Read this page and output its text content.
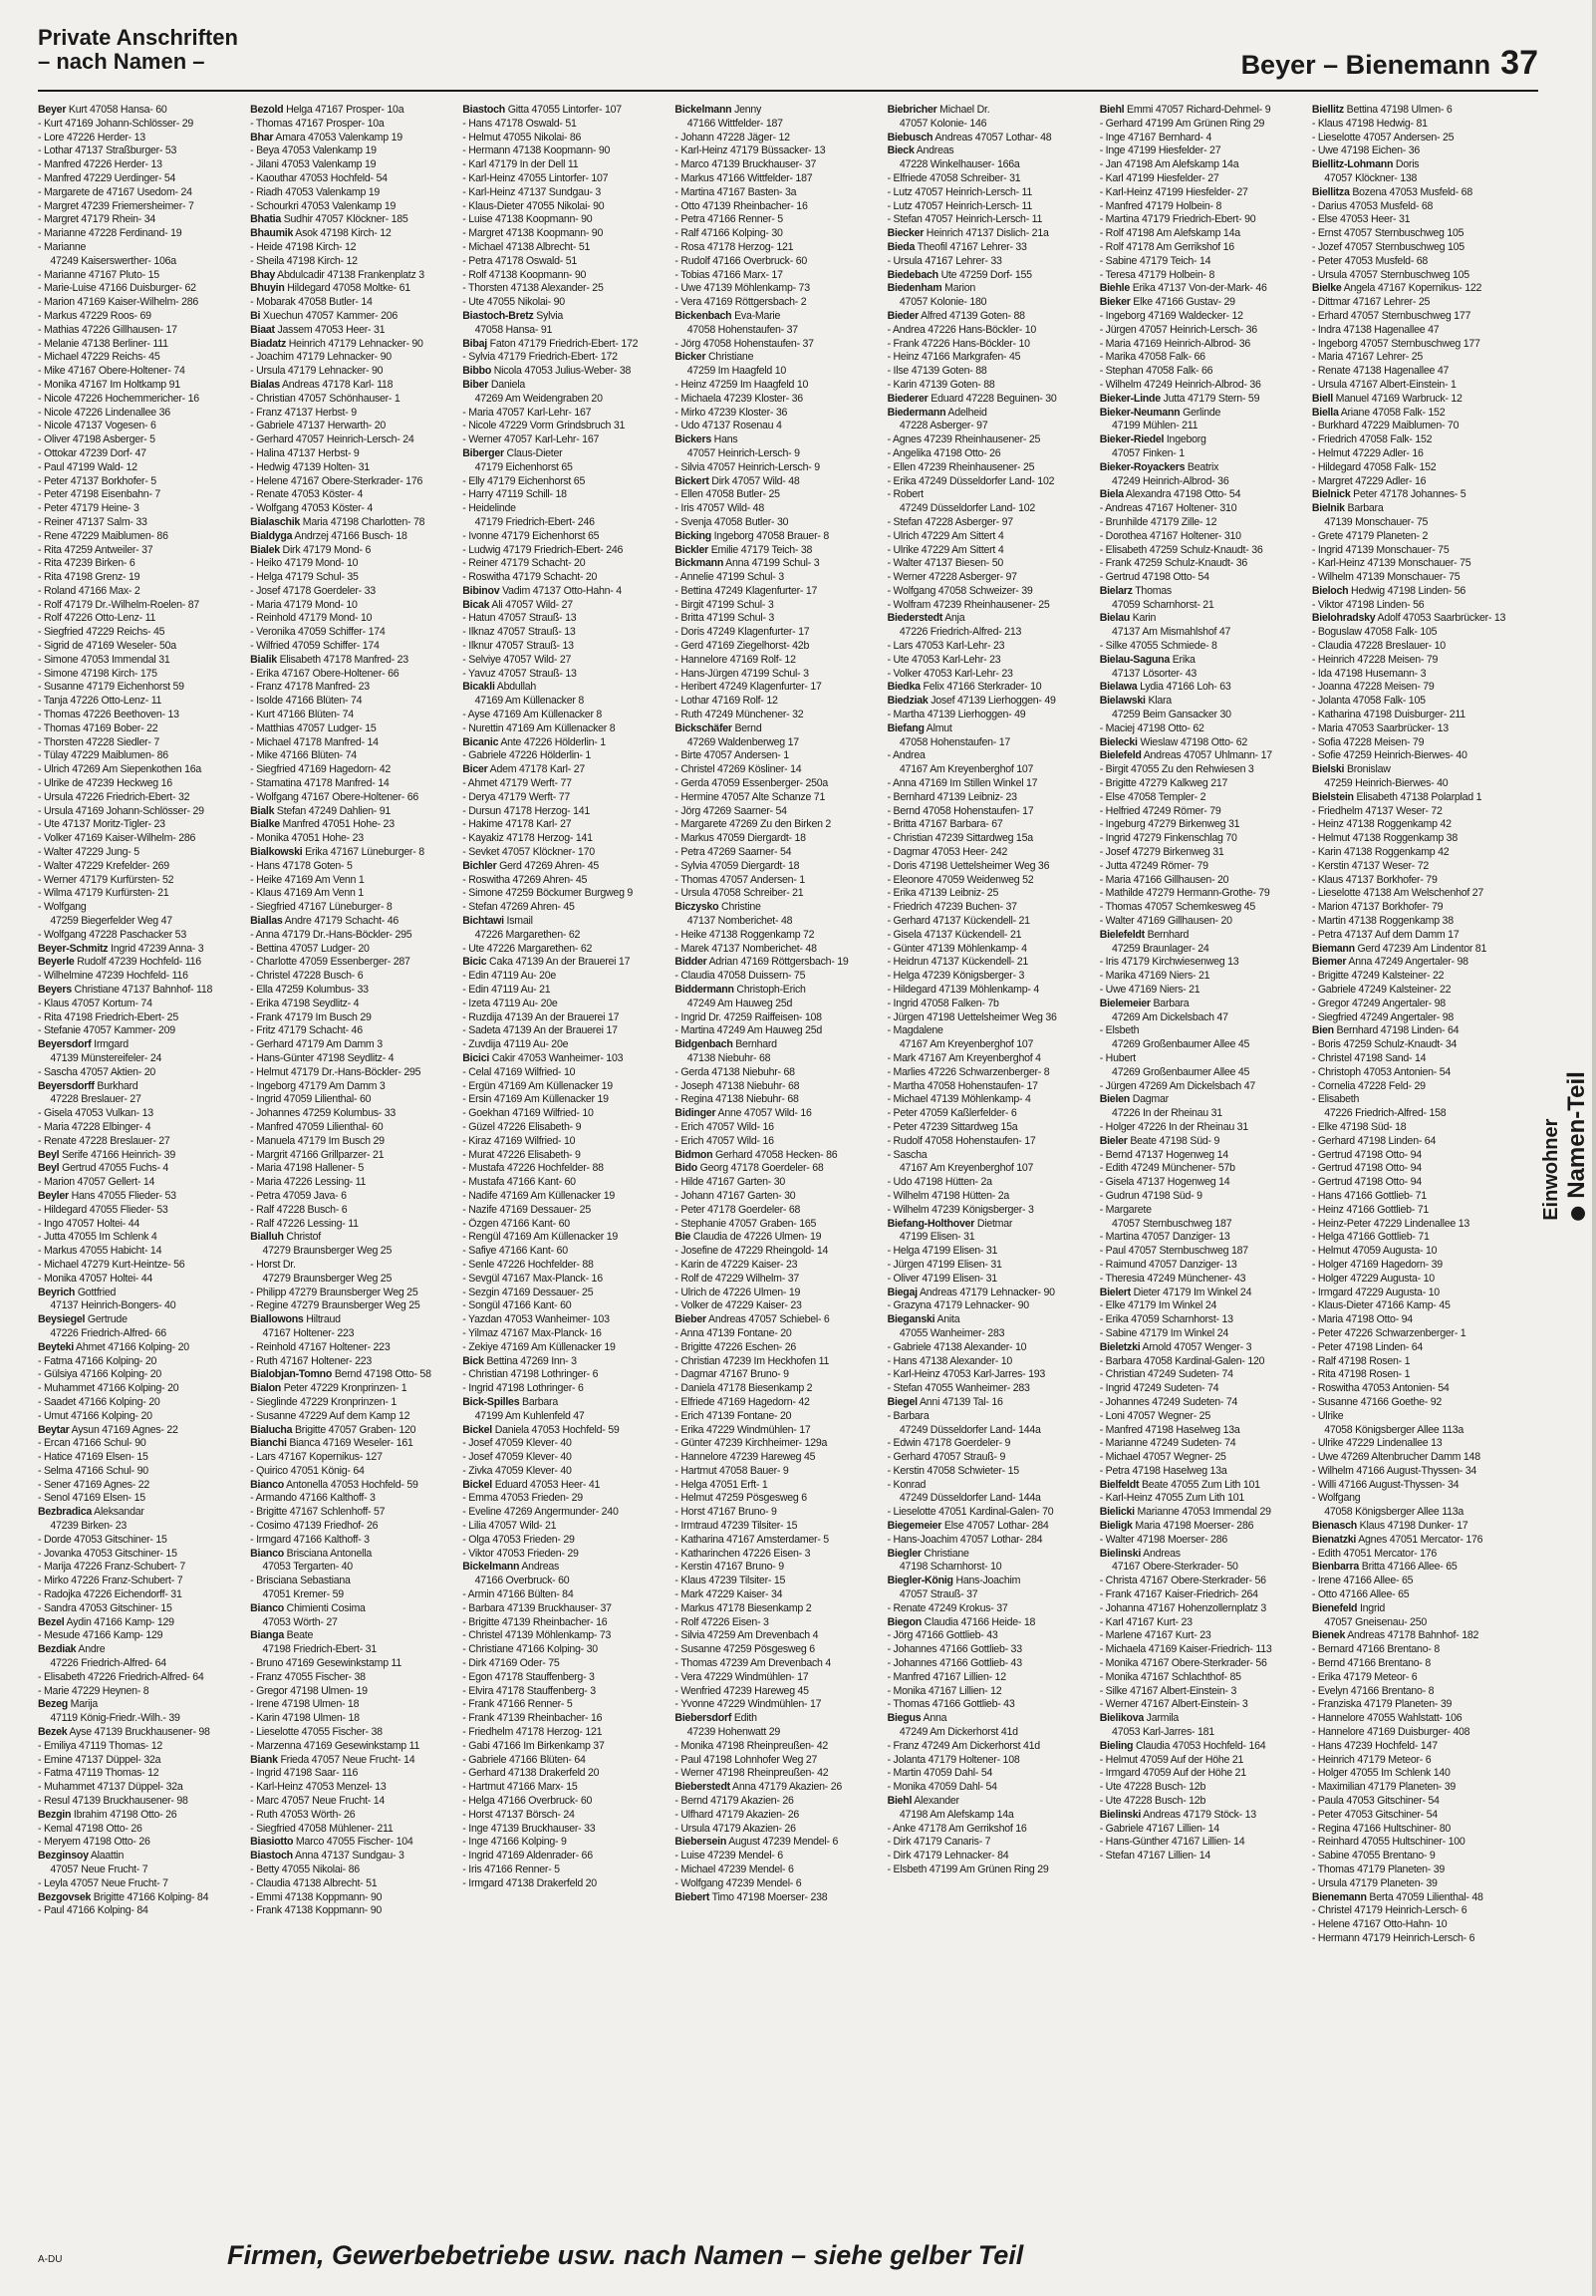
Private Anschriften
– nach Namen –	Beyer – Bienemann 37
Beyer Kurt 47058 Hansa- 60
- Kurt 47169 Johann-Schlösser- 29
- Lore 47226 Herder- 13
- Lothar 47137 Straßburger- 53
- Manfred 47226 Herder- 13
- Manfred 47229 Uerdinger- 54
- Margarete de 47167 Usedom- 24
- Margret 47239 Friemersheimer- 7
- Margret 47179 Rhein- 34
- Marianne 47228 Ferdinand- 19
- Marianne
 47249 Kaiserswerther- 106a
- Marianne 47167 Pluto- 15
- Marie-Luise 47166 Duisburger- 62
- Marion 47169 Kaiser-Wilhelm- 286
- Markus 47229 Roos- 69
- Mathias 47226 Gillhausen- 17
- Melanie 47138 Berliner- 111
- Michael 47229 Reichs- 45
- Mike 47167 Obere-Holtener- 74
- Monika 47167 Im Holtkamp 91
- Nicole 47226 Hochemmericher- 16
- Nicole 47226 Lindenallee 36
- Nicole 47137 Vogesen- 6
- Oliver 47198 Asberger- 5
- Ottokar 47239 Dorf- 47
- Paul 47199 Wald- 12
- Peter 47137 Borkhofer- 5
- Peter 47198 Eisenbahn- 7
- Peter 47179 Heine- 3
- Reiner 47137 Salm- 33
- Rene 47229 Maiblumen- 86
- Rita 47259 Antweiler- 37
- Rita 47239 Birken- 6
- Rita 47198 Grenz- 19
- Roland 47166 Max- 2
- Rolf 47179 Dr.-Wilhelm-Roelen- 87
- Rolf 47226 Otto-Lenz- 11
- Siegfried 47229 Reichs- 45
- Sigrid de 47169 Weseler- 50a
- Simone 47053 Immendal 31
- Simone 47198 Kirch- 175
- Susanne 47179 Eichenhorst 59
- Tanja 47226 Otto-Lenz- 11
- Thomas 47226 Beethoven- 13
- Thomas 47169 Bober- 22
- Thorsten 47228 Siedler- 7
- Tülay 47229 Maiblumen- 86
- Ulrich 47269 Am Siepenkothen 16a
- Ulrike de 47239 Heckweg 16
- Ursula 47226 Friedrich-Ebert- 32
- Ursula 47169 Johann-Schlösser- 29
- Ute 47137 Moritz-Tigler- 23
- Volker 47169 Kaiser-Wilhelm- 286
- Walter 47229 Jung- 5
- Walter 47229 Krefelder- 269
- Werner 47179 Kurfürsten- 52
- Wilma 47179 Kurfürsten- 21
- Wolfgang
 47259 Biegerfelder Weg 47
- Wolfgang 47228 Paschacker 53
Beyer-Schmitz Ingrid 47239 Anna- 3
Beyerle Rudolf 47239 Hochfeld- 116
- Wilhelmine 47239 Hochfeld- 116
Beyers Christiane 47137 Bahnhof- 118
- Klaus 47057 Kortum- 74
- Rita 47198 Friedrich-Ebert- 25
- Stefanie 47057 Kammer- 209
Beyersdorf Irmgard
 47139 Münstereifeler- 24
- Sascha 47057 Aktien- 20
Beyersdorff Burkhard
 47228 Breslauer- 27
- Gisela 47053 Vulkan- 13
- Maria 47228 Elbinger- 4
- Renate 47228 Breslauer- 27
Beyl Serife 47166 Heinrich- 39
Beyl Gertrud 47055 Fuchs- 4
- Marion 47057 Gellert- 14
Beyler Hans 47055 Flieder- 53
- Hildegard 47055 Flieder- 53
- Ingo 47057 Holtei- 44
- Jutta 47055 Im Schlenk 4
- Markus 47055 Habicht- 14
- Michael 47279 Kurt-Heintze- 56
- Monika 47057 Holtei- 44
Beyrich Gottfried
 47137 Heinrich-Bongers- 40
Beysiegel Gertrude
 47226 Friedrich-Alfred- 66
Beyteki Ahmet 47166 Kolping- 20
- Fatma 47166 Kolping- 20
- Gülsiya 47166 Kolping- 20
- Muhammet 47166 Kolping- 20
- Saadet 47166 Kolping- 20
- Umut 47166 Kolping- 20
Beytar Aysun 47169 Agnes- 22
- Ercan 47166 Schul- 90
- Hatice 47169 Elsen- 15
- Selma 47166 Schul- 90
- Sener 47169 Agnes- 22
- Senol 47169 Elsen- 15
Bezbradica Aleksandar
 47239 Birken- 23
- Dorde 47053 Gitschiner- 15
- Jovanka 47053 Gitschiner- 15
- Marija 47226 Franz-Schubert- 7
- Mirko 47226 Franz-Schubert- 7
- Radojka 47226 Eichendorff- 31
- Sandra 47053 Gitschiner- 15
Bezel Aydin 47166 Kamp- 129
- Mesude 47166 Kamp- 129
Bezdiak Andre
 47226 Friedrich-Alfred- 64
- Elisabeth 47226 Friedrich-Alfred- 64
- Marie 47229 Heynen- 8
Bezeg Marija
 47119 König-Friedr.-Wilh.- 39
Bezek Ayse 47139 Bruckhausener- 98
- Emiliya 47119 Thomas- 12
- Emine 47137 Düppel- 32a
- Fatma 47119 Thomas- 12
- Muhammet 47137 Düppel- 32a
- Resul 47139 Bruckhausener- 98
Bezgin Ibrahim 47198 Otto- 26
- Kemal 47198 Otto- 26
- Meryem 47198 Otto- 26
Bezginsoy Alaattin
 47057 Neue Frucht- 7
- Leyla 47057 Neue Frucht- 7
Bezgovsek Brigitte 47166 Kolping- 84
- Paul 47166 Kolping- 84
Bezold Helga 47167 Prosper- 10a
- Thomas 47167 Prosper- 10a
Bhar Amara 47053 Valenkamp 19
- Beya 47053 Valenkamp 19
- Jilani 47053 Valenkamp 19
- Kaouthar 47053 Hochfeld- 54
- Riadh 47053 Valenkamp 19
- Schourkri 47053 Valenkamp 19
Bhatia Sudhir 47057 Klöckner- 185
Bhaumik Asok 47198 Kirch- 12
- Heide 47198 Kirch- 12
- Sheila 47198 Kirch- 12
Bhay Abdulcadir 47138 Frankenplatz 3
Bhuyin Hildegard 47058 Moltke- 61
- Mobarak 47058 Butler- 14
Bi Xuechun 47057 Kammer- 206
Biaat Jassem 47053 Heer- 31
Biadatz Heinrich 47179 Lehnacker- 90
- Joachim 47179 Lehnacker- 90
- Ursula 47179 Lehnacker- 90
Bialas Andreas 47178 Karl- 118
- Christian 47057 Schönhauser- 1
- Franz 47137 Herbst- 9
- Gabriele 47137 Herwarth- 20
- Gerhard 47057 Heinrich-Lersch- 24
- Halina 47137 Herbst- 9
- Hedwig 47139 Holten- 31
- Helene 47167 Obere-Sterkrader- 176
- Renate 47053 Köster- 4
- Wolfgang 47053 Köster- 4
Bialaschik Maria 47198 Charlotten- 78
Bialdyga Andrzej 47166 Busch- 18
Bialek Dirk 47179 Mond- 6
- Heiko 47179 Mond- 10
- Helga 47179 Schul- 35
- Josef 47178 Goerdeler- 33
- Maria 47179 Mond- 10
- Reinhold 47179 Mond- 10
- Veronika 47059 Schiffer- 174
- Wilfried 47059 Schiffer- 174
Bialik Elisabeth 47178 Manfred- 23
- Erika 47167 Obere-Holtener- 66
- Franz 47178 Manfred- 23
- Isolde 47166 Blüten- 74
- Kurt 47166 Blüten- 74
- Matthias 47057 Ludger- 15
- Michael 47178 Manfred- 14
- Mike 47166 Blüten- 74
- Siegfried 47169 Hagedorn- 42
- Stamatina 47178 Manfred- 14
- Wolfgang 47167 Obere-Holtener- 66
Bialk Stefan 47249 Dahlien- 91
Bialke Manfred 47051 Hohe- 23
- Monika 47051 Hohe- 23
Bialkowski Erika 47167 Lüneburger- 8
- Hans 47178 Goten- 5
- Heike 47169 Am Venn 1
- Klaus 47169 Am Venn 1
- Siegfried 47167 Lüneburger- 8
Biallas Andre 47179 Schacht- 46
- Anna 47179 Dr.-Hans-Böckler- 295
- Bettina 47057 Ludger- 20
- Charlotte 47059 Essenberger- 287
- Christel 47228 Busch- 6
- Ella 47259 Kolumbus- 33
- Erika 47198 Seydlitz- 4
- Frank 47179 Im Busch 29
- Fritz 47179 Schacht- 46
- Gerhard 47179 Am Damm 3
- Hans-Günter 47198 Seydlitz- 4
- Helmut 47179 Dr.-Hans-Böckler- 295
- Ingeborg 47179 Am Damm 3
- Ingrid 47059 Lilienthal- 60
- Johannes 47259 Kolumbus- 33
- Manfred 47059 Lilienthal- 60
- Manuela 47179 Im Busch 29
- Margrit 47166 Grillparzer- 21
- Maria 47198 Hallener- 5
- Maria 47226 Lessing- 11
- Petra 47059 Java- 6
- Ralf 47228 Busch- 6
- Ralf 47226 Lessing- 11
Bialluh Christof
 47279 Braunsberger Weg 25
- Horst Dr.
 47279 Braunsberger Weg 25
- Philipp 47279 Braunsberger Weg 25
- Regine 47279 Braunsberger Weg 25
Biallowons Hiltraud
 47167 Holtener- 223
- Reinhold 47167 Holtener- 223
- Ruth 47167 Holtener- 223
Bialobjan-Tomno Bernd 47198 Otto- 58
Bialon Peter 47229 Kronprinzen- 1
- Sieglinde 47229 Kronprinzen- 1
- Susanne 47229 Auf dem Kamp 12
Bialucha Brigitte 47057 Graben- 120
Bianchi Bianca 47169 Weseler- 161
- Lars 47167 Kopernikus- 127
- Quirico 47051 König- 64
Bianco Antonella 47053 Hochfeld- 59
- Armando 47166 Kalthoff- 3
- Brigitte 47167 Schlenhoff- 57
- Cosimo 47139 Friedhof- 26
- Irmgard 47166 Kalthoff- 3
Bianco Brisciana Antonella
 47053 Tergarten- 40
- Brisciana Sebastiana
 47051 Kremer- 59
Bianco Chimienti Cosima
 47053 Wörth- 27
Bianga Beate
 47198 Friedrich-Ebert- 31
- Bruno 47169 Gesewinkstamp 11
- Franz 47055 Fischer- 38
- Gregor 47198 Ulmen- 19
- Irene 47198 Ulmen- 18
- Karin 47198 Ulmen- 18
- Lieselotte 47055 Fischer- 38
- Marzenna 47169 Gesewinkstamp 11
Biank Frieda 47057 Neue Frucht- 14
- Ingrid 47198 Saar- 116
- Karl-Heinz 47053 Menzel- 13
- Marc 47057 Neue Frucht- 14
- Ruth 47053 Wörth- 26
- Siegfried 47058 Mühlener- 211
Biasiotto Marco 47055 Fischer- 104
Biastoch Anna 47137 Sundgau- 3
- Betty 47055 Nikolai- 86
- Claudia 47138 Albrecht- 51
- Emmi 47138 Koppmann- 90
- Frank 47138 Koppmann- 90
Biastoch Gitta 47055 Lintorfer- 107
- Hans 47178 Oswald- 51
- Helmut 47055 Nikolai- 86
- Hermann 47138 Koopmann- 90
- Karl 47179 In der Dell 11
- Karl-Heinz 47055 Lintorfer- 107
- Karl-Heinz 47137 Sundgau- 3
- Klaus-Dieter 47055 Nikolai- 90
- Luise 47138 Koopmann- 90
- Margret 47138 Koopmann- 90
- Michael 47138 Albrecht- 51
- Petra 47178 Oswald- 51
- Rolf 47138 Koopmann- 90
- Thorsten 47138 Alexander- 25
- Ute 47055 Nikolai- 90
Biastoch-Bretz Sylvia
 47058 Hansa- 91
Bibaj Faton 47179 Friedrich-Ebert- 172
- Sylvia 47179 Friedrich-Ebert- 172
Bibbo Nicola 47053 Julius-Weber- 38
Biber Daniela
 47269 Am Weidengraben 20
- Maria 47057 Karl-Lehr- 167
- Nicole 47229 Vorm Grindsbruch 31
- Werner 47057 Karl-Lehr- 167
Biberger Claus-Dieter
 47179 Eichenhorst 65
- Elly 47179 Eichenhorst 65
- Harry 47119 Schill- 18
- Heidelinde
 47179 Friedrich-Ebert- 246
- Ivonne 47179 Eichenhorst 65
- Ludwig 47179 Friedrich-Ebert- 246
- Reiner 47179 Schacht- 20
- Roswitha 47179 Schacht- 20
Bibinov Vadim 47137 Otto-Hahn- 4
Bicak Ali 47057 Wild- 27
- Hatun 47057 Strauß- 13
- Ilknaz 47057 Strauß- 13
- Ilknur 47057 Strauß- 13
- Selviye 47057 Wild- 27
- Yavuz 47057 Strauß- 13
Bicakli Abdullah
 47169 Am Küllenacker 8
- Ayse 47169 Am Küllenacker 8
- Nurettin 47169 Am Küllenacker 8
Bicanic Ante 47226 Hölderlin- 1
- Gabriele 47226 Hölderlin- 1
Bicer Adem 47178 Karl- 27
- Ahmet 47179 Werft- 77
- Derya 47179 Werft- 77
- Dursun 47178 Herzog- 141
- Hakime 47178 Karl- 27
- Kayakiz 47178 Herzog- 141
- Sevket 47057 Klöckner- 170
Bichler Gerd 47269 Ahren- 45
- Roswitha 47269 Ahren- 45
- Simone 47259 Böckumer Burgweg 9
- Stefan 47269 Ahren- 45
Bichtawi Ismail
 47226 Margarethen- 62
- Ute 47226 Margarethen- 62
Bicic Caka 47139 An der Brauerei 17
- Edin 47119 Au- 20e
- Edin 47119 Au- 21
- Izeta 47119 Au- 20e
- Ruzdija 47139 An der Brauerei 17
- Sadeta 47139 An der Brauerei 17
- Zuvdija 47119 Au- 20e
Bicici Cakir 47053 Wanheimer- 103
- Celal 47169 Wilfried- 10
- Ergün 47169 Am Küllenacker 19
- Ersin 47169 Am Küllenacker 19
- Goekhan 47169 Wilfried- 10
- Güzel 47226 Elisabeth- 9
- Kiraz 47169 Wilfried- 10
- Murat 47226 Elisabeth- 9
- Mustafa 47226 Hochfelder- 88
- Mustafa 47166 Kant- 60
- Nadife 47169 Am Küllenacker 19
- Nazife 47169 Dessauer- 25
- Özgen 47166 Kant- 60
- Rengül 47169 Am Küllenacker 19
- Safiye 47166 Kant- 60
- Senle 47226 Hochfelder- 88
- Sevgül 47167 Max-Planck- 16
- Sezgin 47169 Dessauer- 25
- Songül 47166 Kant- 60
- Yazdan 47053 Wanheimer- 103
- Yilmaz 47167 Max-Planck- 16
- Zekiye 47169 Am Küllenacker 19
Bick Bettina 47269 Inn- 3
- Christian 47198 Lothringer- 6
- Ingrid 47198 Lothringer- 6
Bick-Spilles Barbara
 47199 Am Kuhlenfeld 47
Bickel Daniela 47053 Hochfeld- 59
- Josef 47059 Klever- 40
- Josef 47059 Klever- 40
- Zivka 47059 Klever- 40
Bickel Eduard 47053 Heer- 41
- Emma 47053 Frieden- 29
- Eveline 47269 Angermunder- 240
- Lilia 47057 Wild- 21
- Olga 47053 Frieden- 29
- Viktor 47053 Frieden- 29
Bickelmann Andreas
 47166 Overbruck- 60
- Armin 47166 Bülten- 84
- Barbara 47139 Bruckhauser- 37
- Brigitte 47139 Rheinbacher- 16
- Christel 47139 Möhlenkamp- 73
- Christiane 47166 Kolping- 30
- Dirk 47169 Oder- 75
- Egon 47178 Stauffenberg- 3
- Elvira 47178 Stauffenberg- 3
- Frank 47166 Renner- 5
- Frank 47139 Rheinbacher- 16
- Friedhelm 47178 Herzog- 121
- Gabi 47166 Im Birkenkamp 37
- Gabriele 47166 Blüten- 64
- Gerhard 47138 Drakerfeld 20
- Hartmut 47166 Marx- 15
- Helga 47166 Overbruck- 60
- Horst 47137 Börsch- 24
- Inge 47139 Bruckhauser- 33
- Inge 47166 Kolping- 9
- Ingrid 47169 Aldenrader- 66
- Iris 47166 Renner- 5
- Irmgard 47138 Drakerfeld 20
Bickelmann Jenny
 47166 Wittfelder- 187
- Johann 47228 Jäger- 12
- Karl-Heinz 47179 Büssacker- 13
- Marco 47139 Bruckhauser- 37
- Markus 47166 Wittfelder- 187
- Martina 47167 Basten- 3a
- Otto 47139 Rheinbacher- 16
- Petra 47166 Renner- 5
- Ralf 47166 Kolping- 30
- Rosa 47178 Herzog- 121
- Rudolf 47166 Overbruck- 60
- Tobias 47166 Marx- 17
- Uwe 47139 Möhlenkamp- 73
- Vera 47169 Röttgersbach- 2
Bickenbach Eva-Marie
 47058 Hohenstaufen- 37
- Jörg 47058 Hohenstaufen- 37
Bicker Christiane
 47259 Im Haagfeld 10
- Heinz 47259 Im Haagfeld 10
- Michaela 47239 Kloster- 36
- Mirko 47239 Kloster- 36
- Udo 47137 Rosenau 4
Bickers Hans
 47057 Heinrich-Lersch- 9
- Silvia 47057 Heinrich-Lersch- 9
Bickert Dirk 47057 Wild- 48
- Ellen 47058 Butler- 25
- Iris 47057 Wild- 48
- Svenja 47058 Butler- 30
Bicking Ingeborg 47058 Brauer- 8
Bickler Emilie 47179 Teich- 38
Bickmann Anna 47199 Schul- 3
- Annelie 47199 Schul- 3
- Bettina 47249 Klagenfurter- 17
- Birgit 47199 Schul- 3
- Britta 47199 Schul- 3
- Doris 47249 Klagenfurter- 17
- Gerd 47169 Ziegelhorst- 42b
- Hannelore 47169 Rolf- 12
- Hans-Jürgen 47199 Schul- 3
- Heribert 47249 Klagenfurter- 17
- Lothar 47169 Rolf- 12
- Ruth 47249 Münchener- 32
Bickschäfer Bernd
 47269 Waldenberweg 17
- Birte 47057 Andersen- 1
- Christel 47269 Kösliner- 14
- Gerda 47059 Essenberger- 250a
- Hermine 47057 Alte Schanze 71
- Jörg 47269 Saarner- 54
- Margarete 47269 Zu den Birken 2
- Markus 47059 Diergardt- 18
- Petra 47269 Saarner- 54
- Sylvia 47059 Diergardt- 18
- Thomas 47057 Andersen- 1
- Ursula 47058 Schreiber- 21
Biczysko Christine
 47137 Nomberichet- 48
- Heike 47138 Roggenkamp 72
- Marek 47137 Nomberichet- 48
Bidder Adrian 47169 Röttgersbach- 19
- Claudia 47058 Duissern- 75
Biddermann Christoph-Erich
 47249 Am Hauweg 25d
- Ingrid Dr. 47259 Raiffeisen- 108
- Martina 47249 Am Hauweg 25d
Bidgenbach Bernhard
 47138 Niebuhr- 68
- Gerda 47138 Niebuhr- 68
- Joseph 47138 Niebuhr- 68
- Regina 47138 Niebuhr- 68
Bidinger Anne 47057 Wild- 16
- Erich 47057 Wild- 16
- Erich 47057 Wild- 16
Bidmon Gerhard 47058 Hecken- 86
Bido Georg 47178 Goerdeler- 68
- Hilde 47167 Garten- 30
- Johann 47167 Garten- 30
- Peter 47178 Goerdeler- 68
- Stephanie 47057 Graben- 165
Bie Claudia de 47226 Ulmen- 19
- Josefine de 47229 Rheingold- 14
- Karin de 47229 Kaiser- 23
- Rolf de 47229 Wilhelm- 37
- Ulrich de 47226 Ulmen- 19
- Volker de 47229 Kaiser- 23
Bieber Andreas 47057 Schiebel- 6
- Anna 47139 Fontane- 20
- Brigitte 47226 Eschen- 26
- Christian 47239 Im Heckhofen 11
- Dagmar 47167 Bruno- 9
- Daniela 47178 Biesenkamp 2
- Elfriede 47169 Hagedorn- 42
- Erich 47139 Fontane- 20
- Erika 47229 Windmühlen- 17
- Günter 47239 Kirchheimer- 129a
- Hannelore 47239 Hareweg 45
- Hartmut 47058 Bauer- 9
- Helga 47051 Erft- 1
- Helmut 47259 Pösgesweg 6
- Horst 47167 Bruno- 9
- Irmtraud 47239 Tilsiter- 15
- Katharina 47167 Amsterdamer- 5
- Katharinchen 47226 Eisen- 3
- Kerstin 47167 Bruno- 9
- Klaus 47239 Tilsiter- 15
- Mark 47229 Kaiser- 34
- Markus 47178 Biesenkamp 2
- Rolf 47226 Eisen- 3
- Silvia 47259 Am Drevenbach 4
- Susanne 47259 Pösgesweg 6
- Thomas 47239 Am Drevenbach 4
- Vera 47229 Windmühlen- 17
- Wenfried 47239 Hareweg 45
- Yvonne 47229 Windmühlen- 17
Biebersdorf Edith
 47239 Hohenwatt 29
- Monika 47198 Rheinpreußen- 42
- Paul 47198 Lohnhofer Weg 27
- Werner 47198 Rheinpreußen- 42
Bieberstedt Anna 47179 Akazien- 26
- Bernd 47179 Akazien- 26
- Ulfhard 47179 Akazien- 26
- Ursula 47179 Akazien- 26
Biebersein August 47239 Mendel- 6
- Luise 47239 Mendel- 6
- Michael 47239 Mendel- 6
- Wolfgang 47239 Mendel- 6
Biebert Timo 47198 Moerser- 238
Biebricher Michael Dr.
 47057 Kolonie- 146
Biebusch Andreas 47057 Lothar- 48
Bieck Andreas
 47228 Winkelhauser- 166a
- Elfriede 47058 Schreiber- 31
- Lutz 47057 Heinrich-Lersch- 11
- Lutz 47057 Heinrich-Lersch- 11
- Stefan 47057 Heinrich-Lersch- 11
Biecker Heinrich 47137 Dislich- 21a
Bieda Theofil 47167 Lehrer- 33
- Ursula 47167 Lehrer- 33
Biedebach Ute 47259 Dorf- 155
Biedenham Marion
 47057 Kolonie- 180
Bieder Alfred 47139 Goten- 88
- Andrea 47226 Hans-Böckler- 10
- Frank 47226 Hans-Böckler- 10
- Heinz 47166 Markgrafen- 45
- Ilse 47139 Goten- 88
- Karin 47139 Goten- 88
Biederer Eduard 47228 Beguinen- 30
Biedermann Adelheid
 47228 Asberger- 97
- Agnes 47239 Rheinhausener- 25
- Angelika 47198 Otto- 26
- Ellen 47239 Rheinhausener- 25
- Erika 47249 Düsseldorfer Land- 102
- Robert
 47249 Düsseldorfer Land- 102
- Stefan 47228 Asberger- 97
- Ulrich 47229 Am Sittert 4
- Ulrike 47229 Am Sittert 4
- Walter 47137 Biesen- 50
- Werner 47228 Asberger- 97
- Wolfgang 47058 Schweizer- 39
- Wolfram 47239 Rheinhausener- 25
Biederstedt Anja
 47226 Friedrich-Alfred- 213
- Lars 47053 Karl-Lehr- 23
- Ute 47053 Karl-Lehr- 23
- Volker 47053 Karl-Lehr- 23
Biedka Felix 47166 Sterkrader- 10
Biedziak Josef 47139 Lierhoggen- 49
- Martha 47139 Lierhoggen- 49
Biefang Almut
 47058 Hohenstaufen- 17
- Andrea
 47167 Am Kreyenberghof 107
- Anna 47169 Im Stillen Winkel 17
- Bernhard 47139 Leibniz- 23
- Bernd 47058 Hohenstaufen- 17
- Britta 47167 Barbara- 67
- Christian 47239 Sittardweg 15a
- Dagmar 47053 Heer- 242
- Doris 47198 Uettelsheimer Weg 36
- Eleonore 47059 Weidenweg 52
- Erika 47139 Leibniz- 25
- Friedrich 47239 Buchen- 37
- Gerhard 47137 Kückendell- 21
- Gisela 47137 Kückendell- 21
- Günter 47139 Möhlenkamp- 4
- Heidrun 47137 Kückendell- 21
- Helga 47239 Königsberger- 3
- Hildegard 47139 Möhlenkamp- 4
- Ingrid 47058 Falken- 7b
- Jürgen 47198 Uettelsheimer Weg 36
- Magdalene
 47167 Am Kreyenberghof 107
- Mark 47167 Am Kreyenberghof 4
- Marlies 47226 Schwarzenberger- 8
- Martha 47058 Hohenstaufen- 17
- Michael 47139 Möhlenkamp- 4
- Peter 47059 Kaßlerfelder- 6
- Peter 47239 Sittardweg 15a
- Rudolf 47058 Hohenstaufen- 17
- Sascha
 47167 Am Kreyenberghof 107
- Udo 47198 Hütten- 2a
- Wilhelm 47198 Hütten- 2a
- Wilhelm 47239 Königsberger- 3
Biefang-Holthover Dietmar
 47199 Elisen- 31
- Helga 47199 Elisen- 31
- Jürgen 47199 Elisen- 31
- Oliver 47199 Elisen- 31
Biegaj Andreas 47179 Lehnacker- 90
- Grazyna 47179 Lehnacker- 90
Bieganski Anita
 47055 Wanheimer- 283
- Gabriele 47138 Alexander- 10
- Hans 47138 Alexander- 10
- Karl-Heinz 47053 Karl-Jarres- 193
- Stefan 47055 Wanheimer- 283
Biegel Anni 47139 Tal- 16
- Barbara
 47249 Düsseldorfer Land- 144a
- Edwin 47178 Goerdeler- 9
- Gerhard 47057 Strauß- 9
- Kerstin 47058 Schwieter- 15
- Konrad
 47249 Düsseldorfer Land- 144a
- Lieselotte 47051 Kardinal-Galen- 70
Biegemeier Else 47057 Lothar- 284
- Hans-Joachim 47057 Lothar- 284
Biegler Christiane
 47198 Scharnhorst- 10
Biegler-König Hans-Joachim
 47057 Strauß- 37
- Renate 47249 Krokus- 37
Biegon Claudia 47166 Heide- 18
- Jörg 47166 Gottlieb- 43
- Johannes 47166 Gottlieb- 33
- Johannes 47166 Gottlieb- 43
- Manfred 47167 Lillien- 12
- Monika 47167 Lillien- 12
- Thomas 47166 Gottlieb- 43
Biegus Anna
 47249 Am Dickerhorst 41d
- Franz 47249 Am Dickerhorst 41d
- Jolanta 47179 Holtener- 108
- Martin 47059 Dahl- 54
- Monika 47059 Dahl- 54
Biehl Alexander
 47198 Am Alefskamp 14a
- Anke 47178 Am Gerrikshof 16
- Dirk 47179 Canaris- 7
- Dirk 47179 Lehnacker- 84
- Elsbeth 47199 Am Grünen Ring 29
Biehl Emmi 47057 Richard-Dehmel- 9
- Gerhard 47199 Am Grünen Ring 29
- Inge 47167 Bernhard- 4
- Inge 47199 Hiesfelder- 27
- Jan 47198 Am Alefskamp 14a
- Karl 47199 Hiesfelder- 27
- Karl-Heinz 47199 Hiesfelder- 27
- Manfred 47179 Holbein- 8
- Martina 47179 Friedrich-Ebert- 90
- Rolf 47198 Am Alefskamp 14a
- Rolf 47178 Am Gerrikshof 16
- Sabine 47179 Teich- 14
- Teresa 47179 Holbein- 8
Biehle Erika 47137 Von-der-Mark- 46
Bieker Elke 47166 Gustav- 29
- Ingeborg 47169 Waldecker- 12
- Jürgen 47057 Heinrich-Lersch- 36
- Maria 47169 Heinrich-Albrod- 36
- Marika 47058 Falk- 66
- Stephan 47058 Falk- 66
- Wilhelm 47249 Heinrich-Albrod- 36
Bieker-Linde Jutta 47179 Stern- 59
Bieker-Neumann Gerlinde
 47199 Mühlen- 211
Bieker-Riedel Ingeborg
 47057 Finken- 1
Bieker-Royackers Beatrix
 47249 Heinrich-Albrod- 36
Biela Alexandra 47198 Otto- 54
- Andreas 47167 Holtener- 310
- Brunhilde 47179 Zille- 12
- Dorothea 47167 Holtener- 310
- Elisabeth 47259 Schulz-Knaudt- 36
- Frank 47259 Schulz-Knaudt- 36
- Gertrud 47198 Otto- 54
Bielarz Thomas
 47059 Scharnhorst- 21
Bielau Karin
 47137 Am Mismahlshof 47
- Silke 47055 Schmiede- 8
Bielau-Saguna Erika
 47137 Lösorter- 43
Bielawa Lydia 47166 Loh- 63
Bielawski Klara
 47259 Beim Gansacker 30
- Maciej 47198 Otto- 62
Bielecki Wieslaw 47198 Otto- 62
Bielefeld Andreas 47057 Uhlmann- 17
- Birgit 47055 Zu den Rehwiesen 3
- Brigitte 47279 Kalkweg 217
- Else 47058 Templer- 2
- Helfried 47249 Römer- 79
- Ingeburg 47279 Birkenweg 31
- Ingrid 47279 Finkenschlag 70
- Josef 47279 Birkenweg 31
- Jutta 47249 Römer- 79
- Maria 47166 Gillhausen- 20
- Mathilde 47279 Hermann-Grothe- 79
- Thomas 47057 Schemkesweg 45
- Walter 47169 Gillhausen- 20
Bielefeldt Bernhard
 47259 Braunlager- 24
- Iris 47179 Kirchwiesenweg 13
- Marika 47169 Niers- 21
- Uwe 47169 Niers- 21
Bielemeier Barbara
 47269 Am Dickelsbach 47
- Elsbeth
 47269 Großenbaumer Allee 45
- Hubert
 47269 Großenbaumer Allee 45
- Jürgen 47269 Am Dickelsbach 47
Bielen Dagmar
 47226 In der Rheinau 31
- Holger 47226 In der Rheinau 31
Bieler Beate 47198 Süd- 9
- Bernd 47137 Hogenweg 14
- Edith 47249 Münchener- 57b
- Gisela 47137 Hogenweg 14
- Gudrun 47198 Süd- 9
- Margarete
 47057 Sternbuschweg 187
- Martina 47057 Danziger- 13
- Paul 47057 Sternbuschweg 187
- Raimund 47057 Danziger- 13
- Theresia 47249 Münchener- 43
Bielert Dieter 47179 Im Winkel 24
- Elke 47179 Im Winkel 24
- Erika 47059 Scharnhorst- 13
- Sabine 47179 Im Winkel 24
Bieletzki Arnold 47057 Wenger- 3
- Barbara 47058 Kardinal-Galen- 120
- Christian 47249 Sudeten- 74
- Ingrid 47249 Sudeten- 74
- Johannes 47249 Sudeten- 74
- Loni 47057 Wegner- 25
- Manfred 47198 Haselweg 13a
- Marianne 47249 Sudeten- 74
- Michael 47057 Wegner- 25
- Petra 47198 Haselweg 13a
Bielfeldt Beate 47055 Zum Lith 101
- Karl-Heinz 47055 Zum Lith 101
Bielicki Marianne 47053 Immendal 29
Bieligk Maria 47198 Moerser- 286
- Walter 47198 Moerser- 286
Bielinski Andreas
 47167 Obere-Sterkrader- 50
- Christa 47167 Obere-Sterkrader- 56
- Frank 47167 Kaiser-Friedrich- 264
- Johanna 47167 Hohenzollernplatz 3
- Karl 47167 Kurt- 23
- Marlene 47167 Kurt- 23
- Michaela 47169 Kaiser-Friedrich- 113
- Monika 47167 Obere-Sterkrader- 56
- Monika 47167 Schlachthof- 85
- Silke 47167 Albert-Einstein- 3
- Werner 47167 Albert-Einstein- 3
Bielikova Jarmila
 47053 Karl-Jarres- 181
Bieling Claudia 47053 Hochfeld- 164
- Helmut 47059 Auf der Höhe 21
- Irmgard 47059 Auf der Höhe 21
- Ute 47228 Busch- 12b
- Ute 47228 Busch- 12b
Bielinski Andreas 47179 Stöck- 13
- Gabriele 47167 Lillien- 14
- Hans-Günther 47167 Lillien- 14
- Stefan 47167 Lillien- 14
Biellitz Bettina 47198 Ulmen- 6
- Klaus 47198 Hedwig- 81
- Lieselotte 47057 Andersen- 25
- Uwe 47198 Eichen- 36
Biellitz-Lohmann Doris
 47057 Klöckner- 138
Biellitza Bozena 47053 Musfeld- 68
- Darius 47053 Musfeld- 68
- Else 47053 Heer- 31
- Ernst 47057 Sternbuschweg 105
- Jozef 47057 Sternbuschweg 105
- Peter 47053 Musfeld- 68
- Ursula 47057 Sternbuschweg 105
Bielke Angela 47167 Kopernikus- 122
- Dittmar 47167 Lehrer- 25
- Erhard 47057 Sternbuschweg 177
- Indra 47138 Hagenallee 47
- Ingeborg 47057 Sternbuschweg 177
- Maria 47167 Lehrer- 25
- Renate 47138 Hagenallee 47
- Ursula 47167 Albert-Einstein- 1
Biell Manuel 47169 Warbruck- 12
Biella Ariane 47058 Falk- 152
- Burkhard 47229 Maiblumen- 70
- Friedrich 47058 Falk- 152
- Helmut 47229 Adler- 16
- Hildegard 47058 Falk- 152
- Margret 47229 Adler- 16
Bielnick Peter 47178 Johannes- 5
Bielnik Barbara
 47139 Monschauer- 75
- Grete 47179 Planeten- 2
- Ingrid 47139 Monschauer- 75
- Karl-Heinz 47139 Monschauer- 75
- Wilhelm 47139 Monschauer- 75
Bieloch Hedwig 47198 Linden- 56
- Viktor 47198 Linden- 56
Bielohradsky Adolf 47053 Saarbrücker- 13
- Boguslaw 47058 Falk- 105
- Claudia 47228 Breslauer- 10
- Heinrich 47228 Meisen- 79
- Ida 47198 Husemann- 3
- Joanna 47228 Meisen- 79
- Jolanta 47058 Falk- 105
- Katharina 47198 Duisburger- 211
- Maria 47053 Saarbrücker- 13
- Sofia 47228 Meisen- 79
- Sofie 47259 Heinrich-Bierwes- 40
Bielski Bronislaw
 47259 Heinrich-Bierwes- 40
Bielstein Elisabeth 47138 Polarplad 1
- Friedhelm 47137 Weser- 72
- Heinz 47138 Roggenkamp 42
- Helmut 47138 Roggenkamp 38
- Karin 47138 Roggenkamp 42
- Kerstin 47137 Weser- 72
- Klaus 47137 Borkhofer- 79
- Lieselotte 47138 Am Welschenhof 27
- Marion 47137 Borkhofer- 79
- Martin 47138 Roggenkamp 38
- Petra 47137 Auf dem Damm 17
Biemann Gerd 47239 Am Lindentor 81
Biemer Anna 47249 Angertaler- 98
- Brigitte 47249 Kalsteiner- 22
- Gabriele 47249 Kalsteiner- 22
- Gregor 47249 Angertaler- 98
- Siegfried 47249 Angertaler- 98
Bien Bernhard 47198 Linden- 64
- Boris 47259 Schulz-Knaudt- 34
- Christel 47198 Sand- 14
- Christoph 47053 Antonien- 54
- Cornelia 47228 Feld- 29
- Elisabeth
 47226 Friedrich-Alfred- 158
- Elke 47198 Süd- 18
- Gerhard 47198 Linden- 64
- Gertrud 47198 Otto- 94
- Gertrud 47198 Otto- 94
- Gertrud 47198 Otto- 94
- Hans 47166 Gottlieb- 71
- Heinz 47166 Gottlieb- 71
- Heinz-Peter 47229 Lindenallee 13
- Helga 47166 Gottlieb- 71
- Helmut 47059 Augusta- 10
- Holger 47169 Hagedorn- 39
- Holger 47229 Augusta- 10
- Irmgard 47229 Augusta- 10
- Klaus-Dieter 47166 Kamp- 45
- Maria 47198 Otto- 94
- Peter 47226 Schwarzenberger- 1
- Peter 47198 Linden- 64
- Ralf 47198 Rosen- 1
- Rita 47198 Rosen- 1
- Roswitha 47053 Antonien- 54
- Susanne 47166 Goethe- 92
- Ulrike
 47058 Königsberger Allee 113a
- Ulrike 47229 Lindenallee 13
- Uwe 47269 Altenbrucher Damm 148
- Wilhelm 47166 August-Thyssen- 34
- Willi 47166 August-Thyssen- 34
- Wolfgang
 47058 Königsberger Allee 113a
Bienasch Klaus 47198 Dunker- 17
Bienatzki Agnes 47051 Mercator- 176
- Edith 47051 Mercator- 176
Bienbarra Britta 47166 Allee- 65
- Irene 47166 Allee- 65
- Otto 47166 Allee- 65
Bienefeld Ingrid
 47057 Gneisenau- 250
Bienek Andreas 47178 Bahnhof- 182
- Bernard 47166 Brentano- 8
- Bernd 47166 Brentano- 8
- Erika 47179 Meteor- 6
- Evelyn 47166 Brentano- 8
- Franziska 47179 Planeten- 39
- Hannelore 47055 Wahlstatt- 106
- Hannelore 47169 Duisburger- 408
- Hans 47239 Hochfeld- 147
- Heinrich 47179 Meteor- 6
- Holger 47055 Im Schlenk 140
- Maximilian 47179 Planeten- 39
- Paula 47053 Gitschiner- 54
- Peter 47053 Gitschiner- 54
- Regina 47166 Hultschiner- 80
- Reinhard 47055 Hultschiner- 100
- Sabine 47055 Brentano- 9
- Thomas 47179 Planeten- 39
- Ursula 47179 Planeten- 39
Bienemann Berta 47059 Lilienthal- 48
- Christel 47179 Heinrich-Lersch- 6
- Helene 47167 Otto-Hahn- 10
- Hermann 47179 Heinrich-Lersch- 6
Einwohner Namen-Teil
A-DU	Firmen, Gewerbebetriebe usw. nach Namen – siehe gelber Teil
